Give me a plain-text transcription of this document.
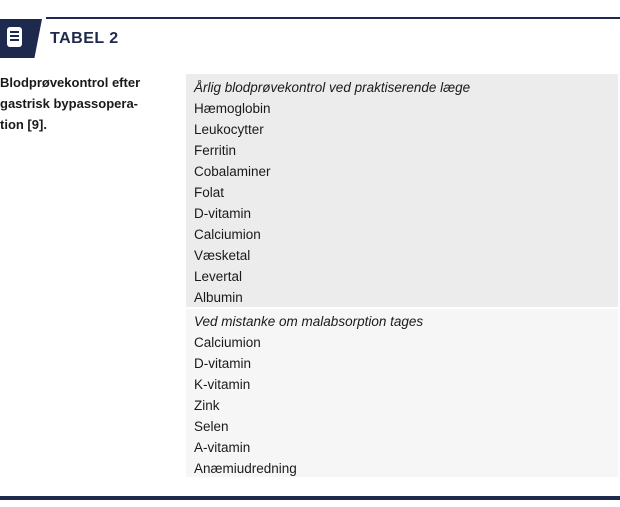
TABEL 2
Blodprøvekontrol efter
gastrisk bypassopera-
tion [9].
Årlig blodprøvekontrol ved praktiserende læge
Hæmoglobin
Leukocytter
Ferritin
Cobalaminer
Folat
D-vitamin
Calciumion
Væsketal
Levertal
Albumin
Ved mistanke om malabsorption tages
Calciumion
D-vitamin
K-vitamin
Zink
Selen
A-vitamin
Anæmiudredning
